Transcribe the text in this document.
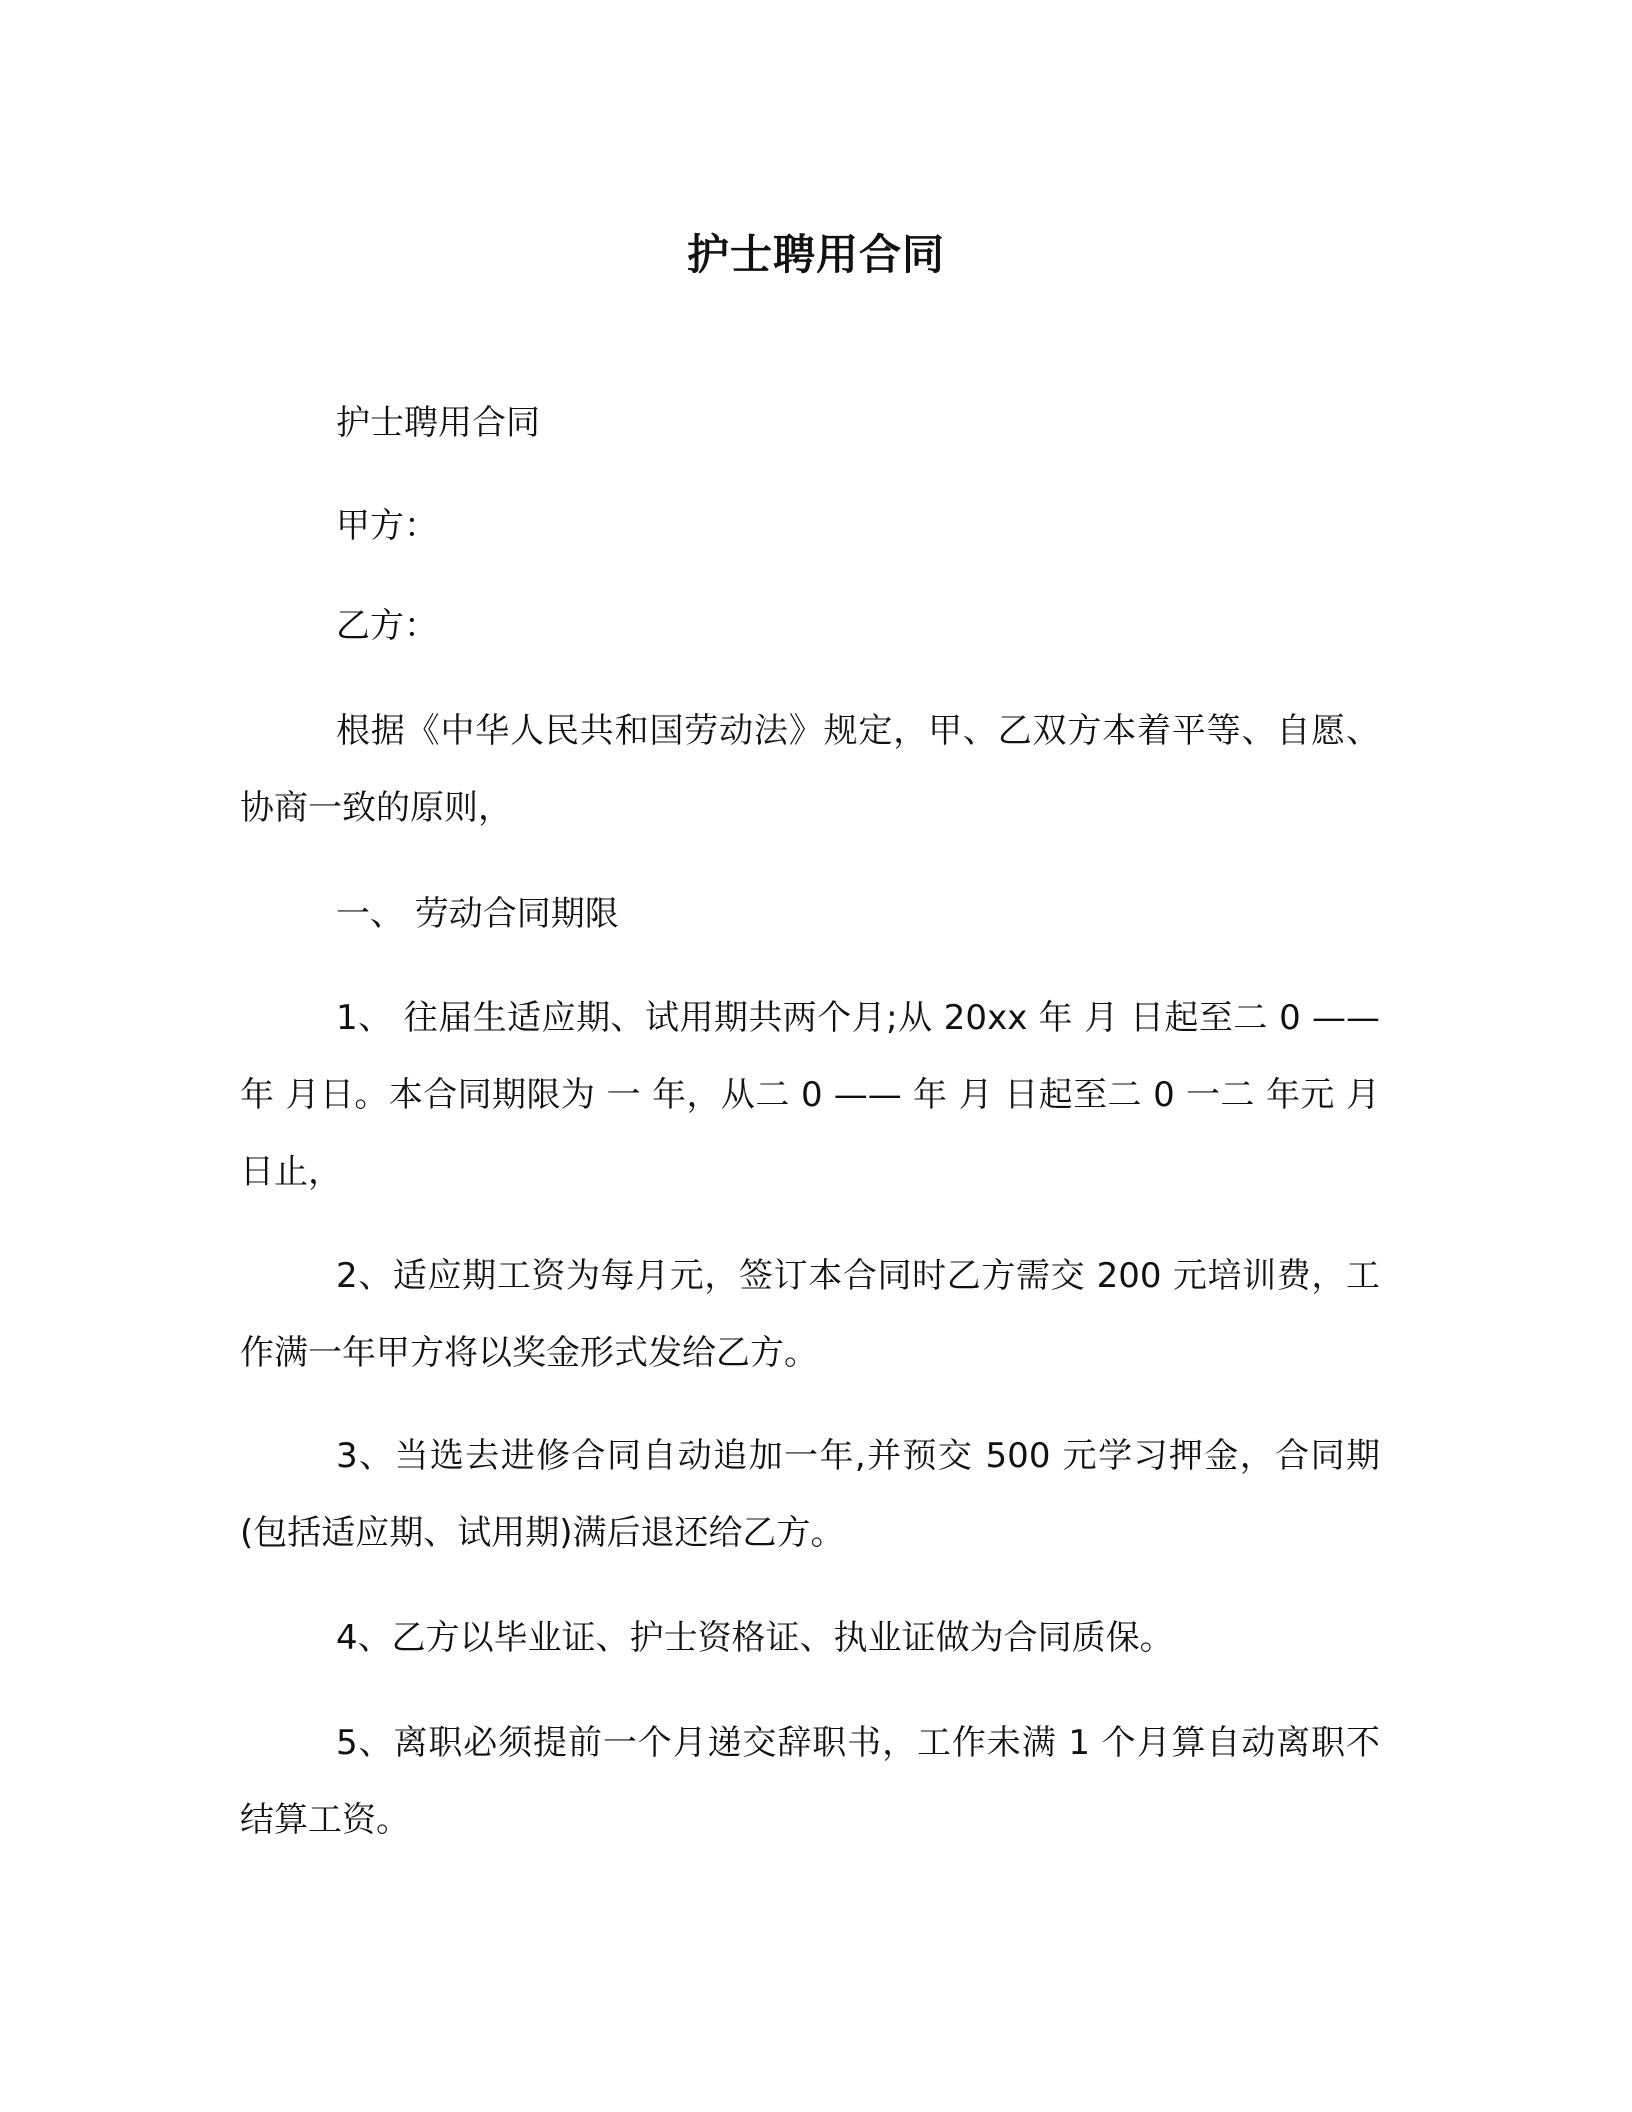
护士聘用合同

护士聘用合同

甲方：

乙方：

根据《中华人民共和国劳动法》规定，甲、乙双方本着平等、自愿、协商一致的原则，

一、 劳动合同期限

1、 往届生适应期、试用期共两个月;从 20xx 年 月 日起至二 0 —— 年 月日。本合同期限为 一 年，从二 0 —— 年 月 日起至二 0 一二 年元 月 日止，

2、适应期工资为每月元，签订本合同时乙方需交 200 元培训费，工作满一年甲方将以奖金形式发给乙方。

3、当选去进修合同自动追加一年,并预交 500 元学习押金，合同期(包括适应期、试用期)满后退还给乙方。

4、乙方以毕业证、护士资格证、执业证做为合同质保。

5、离职必须提前一个月递交辞职书，工作未满 1 个月算自动离职不结算工资。
